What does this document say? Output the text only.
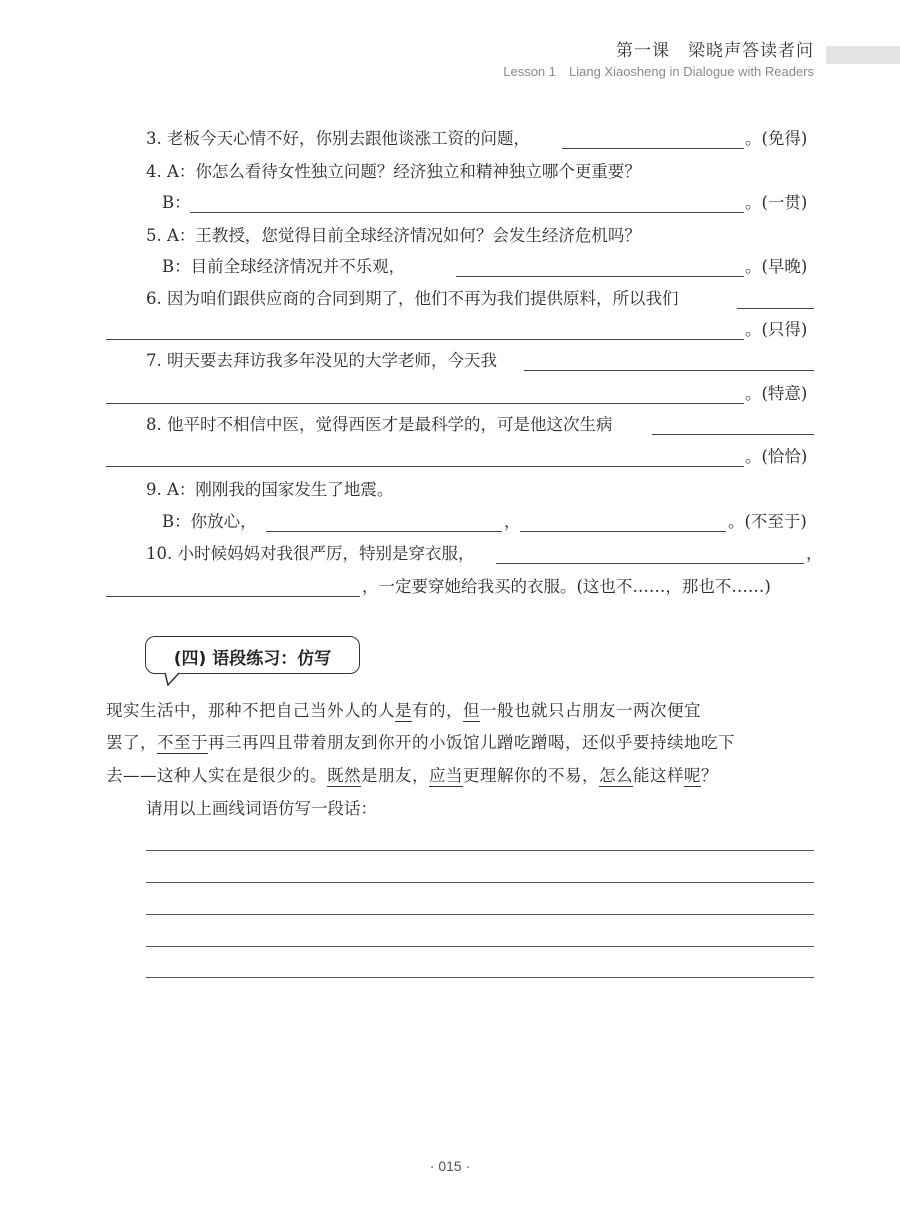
第一课　梁晓声答读者问
Lesson 1　Liang Xiaosheng in Dialogue with Readers
3. 老板今天心情不好，你别去跟他谈涨工资的问题，	。(免得)
4. A：你怎么看待女性独立问题？经济独立和精神独立哪个更重要？
B：	。(一贯)
5. A：王教授，您觉得目前全球经济情况如何？会发生经济危机吗？
B：目前全球经济情况并不乐观，	。(早晚)
6. 因为咱们跟供应商的合同到期了，他们不再为我们提供原料，所以我们
。(只得)
7. 明天要去拜访我多年没见的大学老师，今天我
。(特意)
8. 他平时不相信中医，觉得西医才是最科学的，可是他这次生病
。(恰恰)
9. A：刚刚我的国家发生了地震。
B：你放心，	，	。(不至于)
10. 小时候妈妈对我很严厉，特别是穿衣服，	，
，一定要穿她给我买的衣服。(这也不……，那也不……)
(四) 语段练习：仿写
现实生活中，那种不把自己当外人的人是有的，但一般也就只占朋友一两次便宜
罢了，不至于再三再四且带着朋友到你开的小饭馆儿蹭吃蹭喝，还似乎要持续地吃下
去——这种人实在是很少的。既然是朋友，应当更理解你的不易，怎么能这样呢？
请用以上画线词语仿写一段话：
· 015 ·
